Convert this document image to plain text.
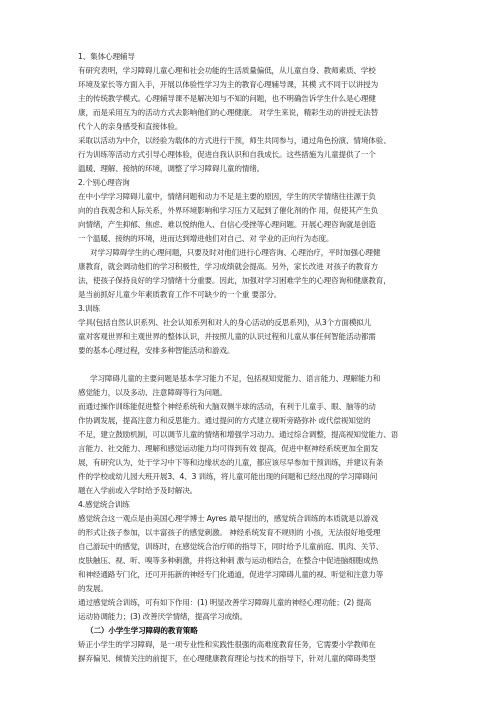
1、集体心理辅导
有研究表明，学习障碍儿童心理和社会功能的生活质量偏低，从儿童自身、教师素质、学校
环境及家长等方面入手，开展以体验性学习为主的教育心理辅导课，其模 式不同于以讲授为
主的传统教学模式。心理辅导课不是解决知与不知的问题，也不明确告诉学生什么是心理健
康，而是采用互为的活动方式去影响他们的心理健康。 对学生来说，精彩生动的讲授无法替
代个人的亲身感受和直接体验。
采取以活动为中介，以经验为载体的方式进行干预，师生共同参与，通过角色扮演、情境体验、
行为训练等活动方式引导心理体验，促进自我认识和自我成长。这些措施为儿童提供了一个
温暖、理解、接纳的环境，调整了学习障碍儿童的情绪。
2.个别心理咨询
在中小学学习障碍儿童中，情绪问题和动力不足是主要的原因，学生的厌学情绪往往源于负
向的自我观念和人际关系，外界环境影响和学习压力又起到了催化剂的作 用，促使其产生负
向情绪，产生抑郁、焦虑、难以悦纳他人、自信心受挫等心理问题。开展心理咨询就是创造
一个温暖、接纳的环境，进而达到增进他们对自己、对 学业的正向行为态度。
对学习障碍学生的心理问题，只要及时对他们进行心理咨询、心理治疗，平时加强心理健
康教育，就会调动他们的学习积极性，学习成绩就会提高。另外，家长改进 对孩子的教育方
法，使孩子保持良好的学习情绪十分重要。因此，加强对学习困难学生的心理咨询和健康教育，
是当前抓好儿童少年素质教育工作不可缺少的一个重 要部分。
3.训练
学具(包括自然认识系列、社会认知系列和对人的身心活动的反思系列)，从3个方面模拟儿
童对客观世界和主观世界的整体认识，并按照儿童的认识过程和儿童从事任何智能活动都需
要的基本心理过程，安排多种智能活动和游戏。
学习障碍儿童的主要问题是基本学习能力不足，包括视知觉能力、语言能力、理解能力和
感觉能力，以及多动、注意障碍等行为问题。
而通过操作训练能促进整个神经系统和大脑双侧半球的活动，有利于儿童手、眼、脑等的动
作协调发展，提高注意力和反思能力。通过提问的方式建立视听旁路弥补 或代偿视知觉的
不足，建立鼓励机制，可以调节儿童的情绪和增强学习动力。通过综合调整，提高视知觉能力、语
言能力、社交能力、理解和感觉运动能力均可得到有效 提高，促进中枢神经系统更加全面发
展，有研究认为，处于学习中下等和边缘状态的儿童，都应该尽早参加干预训练，并建议有条
件的学校或幼儿园大班开展3、4、3 训练，将儿童可能出现的问题和已经出现的学习障碍问
题在入学前或入学时给予及时解决。
4.感觉统合训练
感觉统合这一观点是由美国心理学博士 Ayres 最早提出的，感觉统合训练的本质就是以游戏
的形式让孩子参加，以丰富孩子的感觉刺激。 神经系统发育不规则的 小孩，无法很好地受理
自己游玩中的感觉，训练时，在感觉统合治疗师的指导下，同时给予儿童前庭、肌肉、关节、
皮肤触压、视、听、嗅等多种刺激，并将这种刺 激与运动相结合，在整合中促进脑细胞成热
和神经通路专门化，还可开拓新的神经专门化通道，促进学习障碍儿童的视、听觉和注意力等
的发展。
通过感觉统合训练，可有如下作用：(1) 明显改善学习障碍儿童的神经心理功能；(2) 提高
运动协调能力；(3) 改善厌学情绪，提高学习成绩。
（二）小学生学习障碍的教育策略
矫正小学生的学习障碍，是一项专业性和实践性很强的高难度教育任务，它需要小学教师在
摒弃偏见、倾情关注的前提下，在心理健康教育理论与技术的指导下，针对儿童的障碍类型
